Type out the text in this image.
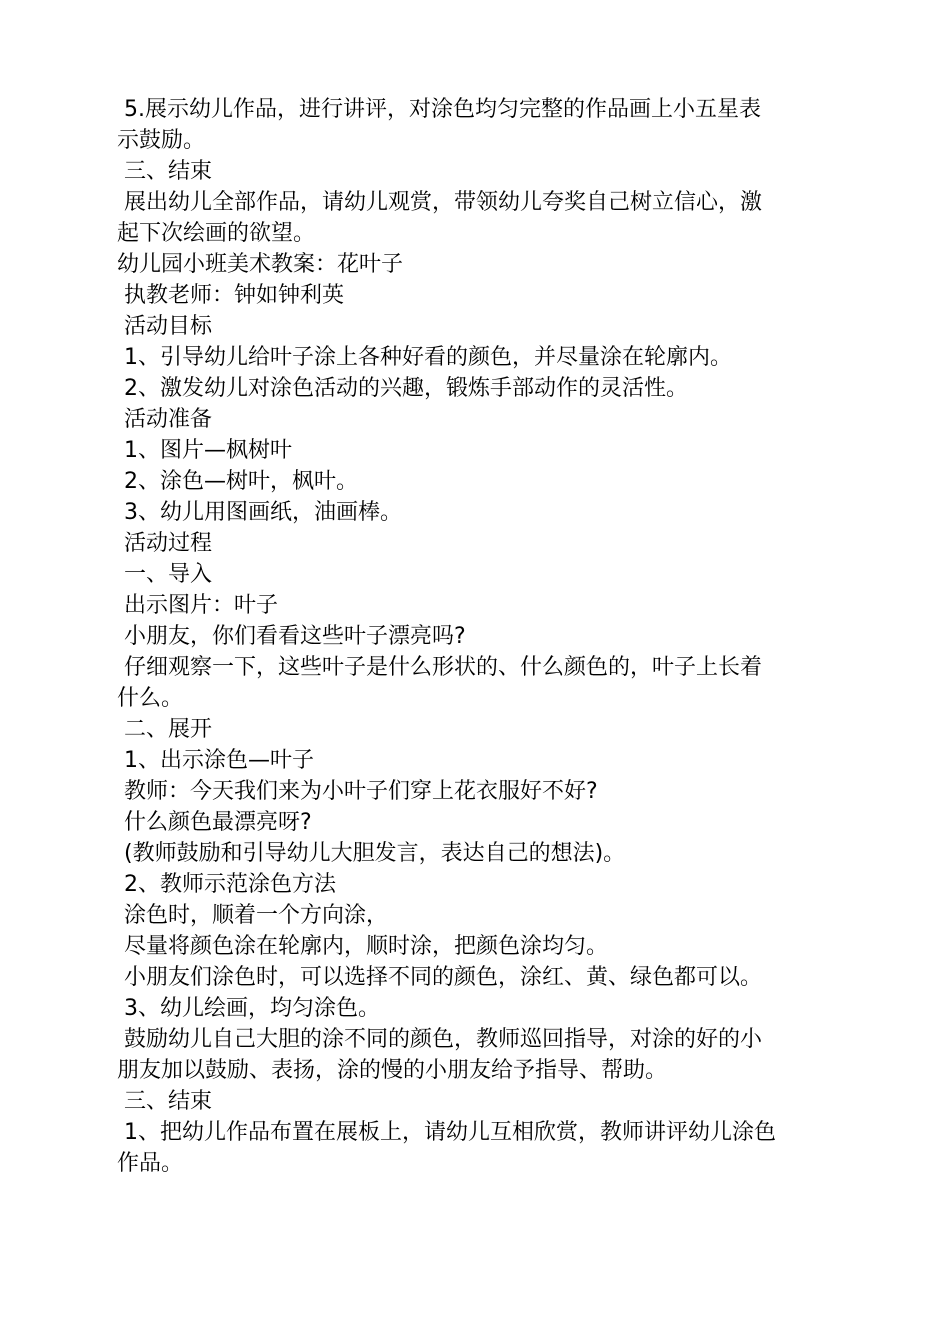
5.展示幼儿作品，进行讲评，对涂色均匀完整的作品画上小五星表
示鼓励。
三、结束
展出幼儿全部作品，请幼儿观赏，带领幼儿夸奖自己树立信心，激
起下次绘画的欲望。
幼儿园小班美术教案：花叶子
执教老师：钟如钟利英
活动目标
1、引导幼儿给叶子涂上各种好看的颜色，并尽量涂在轮廓内。
2、激发幼儿对涂色活动的兴趣，锻炼手部动作的灵活性。
活动准备
1、图片—枫树叶
2、涂色—树叶，枫叶。
3、幼儿用图画纸，油画棒。
活动过程
一、导入
出示图片：叶子
小朋友，你们看看这些叶子漂亮吗?
仔细观察一下，这些叶子是什么形状的、什么颜色的，叶子上长着
什么。
二、展开
1、出示涂色—叶子
教师：今天我们来为小叶子们穿上花衣服好不好?
什么颜色最漂亮呀?
(教师鼓励和引导幼儿大胆发言，表达自己的想法)。
2、教师示范涂色方法
涂色时，顺着一个方向涂，
尽量将颜色涂在轮廓内，顺时涂，把颜色涂均匀。
小朋友们涂色时，可以选择不同的颜色，涂红、黄、绿色都可以。
3、幼儿绘画，均匀涂色。
鼓励幼儿自己大胆的涂不同的颜色，教师巡回指导，对涂的好的小
朋友加以鼓励、表扬，涂的慢的小朋友给予指导、帮助。
三、结束
1、把幼儿作品布置在展板上，请幼儿互相欣赏，教师讲评幼儿涂色
作品。
